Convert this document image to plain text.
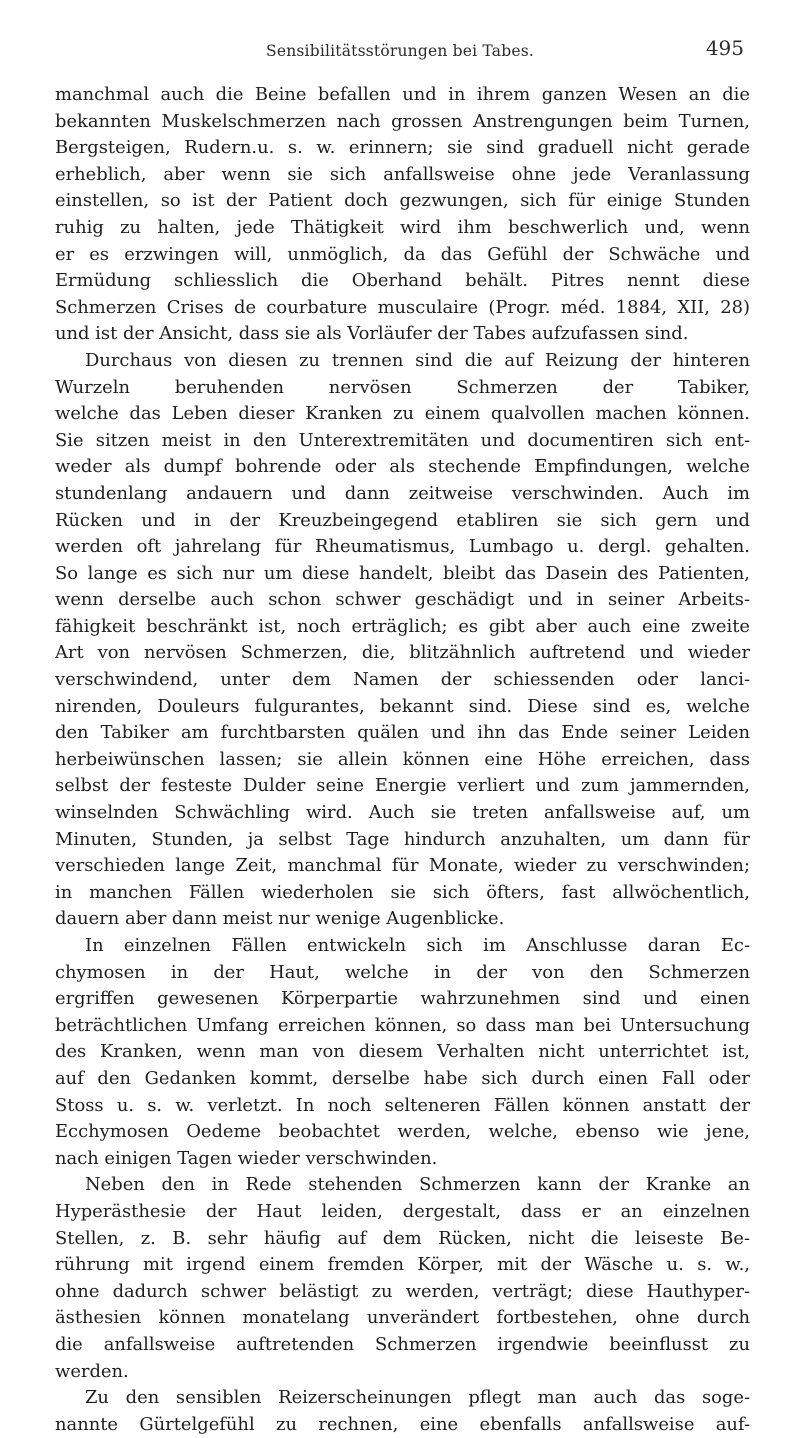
Sensibilitätsstörungen bei Tabes.	495
manchmal auch die Beine befallen und in ihrem ganzen Wesen an die
bekannten Muskelschmerzen nach grossen Anstrengungen beim Turnen,
Bergsteigen, Rudern.u. s. w. erinnern; sie sind graduell nicht gerade
erheblich, aber wenn sie sich anfallsweise ohne jede Veranlassung
einstellen, so ist der Patient doch gezwungen, sich für einige Stunden
ruhig zu halten, jede Thätigkeit wird ihm beschwerlich und, wenn
er es erzwingen will, unmöglich, da das Gefühl der Schwäche und
Ermüdung schliesslich die Oberhand behält. Pitres nennt diese
Schmerzen Crises de courbature musculaire (Progr. méd. 1884, XII, 28)
und ist der Ansicht, dass sie als Vorläufer der Tabes aufzufassen sind.
Durchaus von diesen zu trennen sind die auf Reizung der hinteren
Wurzeln beruhenden nervösen Schmerzen der Tabiker,
welche das Leben dieser Kranken zu einem qualvollen machen können.
Sie sitzen meist in den Unterextremitäten und documentiren sich ent-
weder als dumpf bohrende oder als stechende Empfindungen, welche
stundenlang andauern und dann zeitweise verschwinden. Auch im
Rücken und in der Kreuzbeingegend etabliren sie sich gern und
werden oft jahrelang für Rheumatismus, Lumbago u. dergl. gehalten.
So lange es sich nur um diese handelt, bleibt das Dasein des Patienten,
wenn derselbe auch schon schwer geschädigt und in seiner Arbeits-
fähigkeit beschränkt ist, noch erträglich; es gibt aber auch eine zweite
Art von nervösen Schmerzen, die, blitzähnlich auftretend und wieder
verschwindend, unter dem Namen der schiessenden oder lanci-
nirenden, Douleurs fulgurantes, bekannt sind. Diese sind es, welche
den Tabiker am furchtbarsten quälen und ihn das Ende seiner Leiden
herbeiwünschen lassen; sie allein können eine Höhe erreichen, dass
selbst der festeste Dulder seine Energie verliert und zum jammernden,
winselnden Schwächling wird. Auch sie treten anfallsweise auf, um
Minuten, Stunden, ja selbst Tage hindurch anzuhalten, um dann für
verschieden lange Zeit, manchmal für Monate, wieder zu verschwinden;
in manchen Fällen wiederholen sie sich öfters, fast allwöchentlich,
dauern aber dann meist nur wenige Augenblicke.
In einzelnen Fällen entwickeln sich im Anschlusse daran Ec-
chymosen in der Haut, welche in der von den Schmerzen
ergriffen gewesenen Körperpartie wahrzunehmen sind und einen
beträchtlichen Umfang erreichen können, so dass man bei Untersuchung
des Kranken, wenn man von diesem Verhalten nicht unterrichtet ist,
auf den Gedanken kommt, derselbe habe sich durch einen Fall oder
Stoss u. s. w. verletzt. In noch selteneren Fällen können anstatt der
Ecchymosen Oedeme beobachtet werden, welche, ebenso wie jene,
nach einigen Tagen wieder verschwinden.
Neben den in Rede stehenden Schmerzen kann der Kranke an
Hyperästhesie der Haut leiden, dergestalt, dass er an einzelnen
Stellen, z. B. sehr häufig auf dem Rücken, nicht die leiseste Be-
rührung mit irgend einem fremden Körper, mit der Wäsche u. s. w.,
ohne dadurch schwer belästigt zu werden, verträgt; diese Hauthyper-
ästhesien können monatelang unverändert fortbestehen, ohne durch
die anfallsweise auftretenden Schmerzen irgendwie beeinflusst zu
werden.
Zu den sensiblen Reizerscheinungen pflegt man auch das soge-
nannte Gürtelgefühl zu rechnen, eine ebenfalls anfallsweise auf-
